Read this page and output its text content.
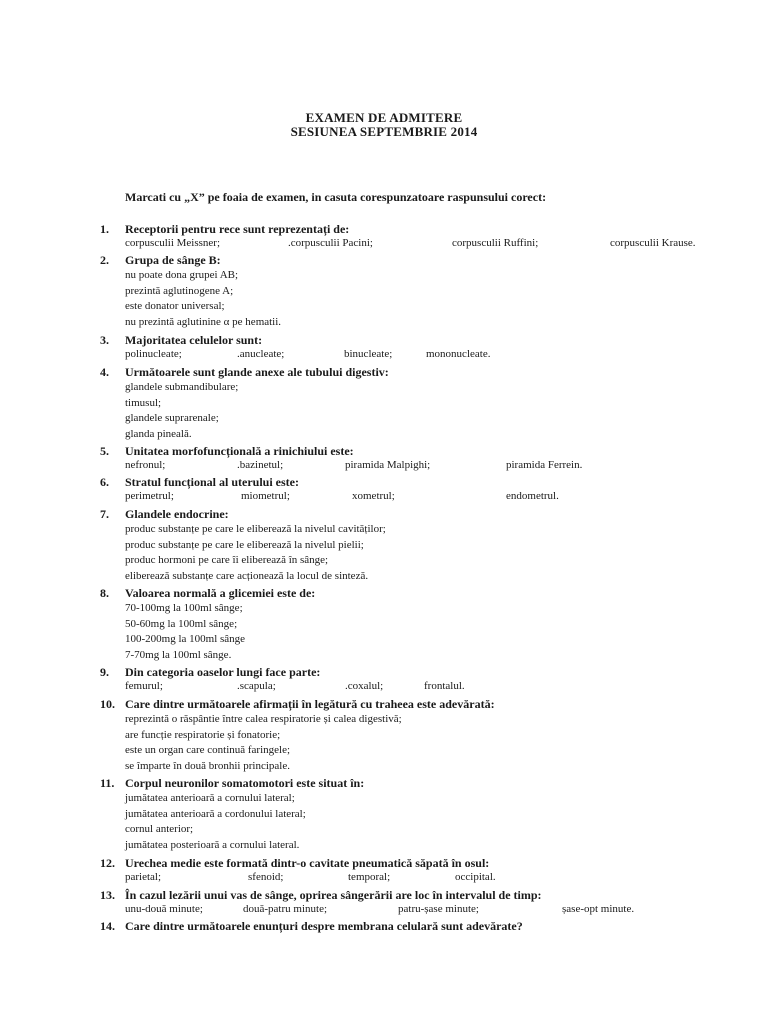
EXAMEN DE ADMITERE
SESIUNEA SEPTEMBRIE 2014
Marcati cu „X” pe foaia de examen, in casuta corespunzatoare raspunsului corect:
1.	Receptorii pentru rece sunt reprezentați de:
corpusculii Meissner;	.corpusculii Pacini;	corpusculii Ruffini;	corpusculii Krause.
2.	Grupa de sânge B:
nu poate dona grupei AB;
prezintă aglutinogene A;
este donator universal;
nu prezintă aglutinine α pe hematii.
3.	Majoritatea celulelor sunt:
polinucleate;	.anucleate;	binucleate;	mononucleate.
4.	Următoarele sunt glande anexe ale tubului digestiv:
glandele submandibulare;
timusul;
glandele suprarenale;
glanda pineală.
5.	Unitatea morfofuncțională a rinichiului este:
nefronul;	.bazinetul;	piramida Malpighi;	piramida Ferrein.
6.	Stratul funcțional al uterului este:
perimetrul;	miometrul;	xometrul;	endometrul.
7.	Glandele endocrine:
produc substanțe pe care le eliberează la nivelul cavităților;
produc substanțe pe care le eliberează la nivelul pielii;
produc hormoni pe care îi eliberează în sânge;
eliberează substanțe care acționează la locul de sinteză.
8.	Valoarea normală a glicemiei este de:
70-100mg la 100ml sânge;
50-60mg la 100ml sânge;
100-200mg la 100ml sânge
7-70mg la 100ml sânge.
9.	Din categoria oaselor lungi face parte:
femurul;	.scapula;	.coxalul;	frontalul.
10. Care dintre următoarele afirmații în legătură cu traheea este adevărată:
reprezintă o răspântie între calea respiratorie și calea digestivă;
are funcție respiratorie și fonatorie;
este un organ care continuă faringele;
se împarte în două bronhii principale.
11. Corpul neuronilor somatomotori este situat în:
jumătatea anterioară a cornului lateral;
jumătatea anterioară a cordonului lateral;
cornul anterior;
jumătatea posterioară a cornului lateral.
12. Urechea medie este formată dintr-o cavitate pneumatică săpată în osul:
parietal;	sfenoid;	temporal;	occipital.
13. În cazul lezării unui vas de sânge, oprirea sângerării are loc în intervalul de timp:
unu-două minute;	două-patru minute;	patru-șase minute;	șase-opt minute.
14. Care dintre următoarele enunțuri despre membrana celulară sunt adevărate?
